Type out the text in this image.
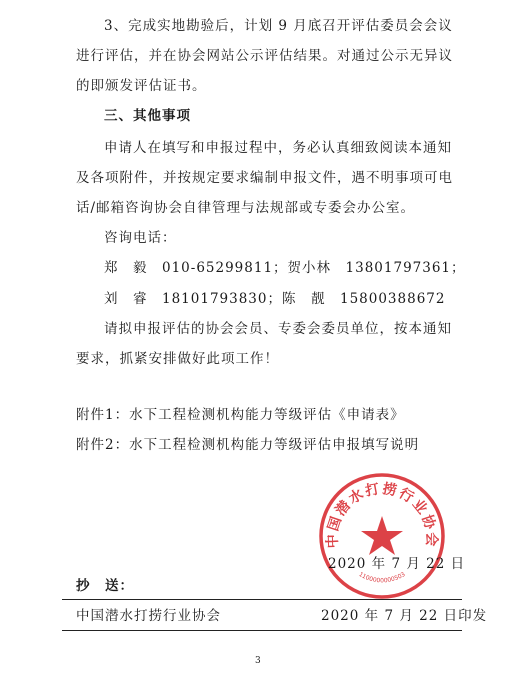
3、完成实地勘验后，计划 9 月底召开评估委员会会议
进行评估，并在协会网站公示评估结果。对通过公示无异议
的即颁发评估证书。
三、其他事项
申请人在填写和申报过程中，务必认真细致阅读本通知
及各项附件，并按规定要求编制申报文件，遇不明事项可电
话/邮箱咨询协会自律管理与法规部或专委会办公室。
咨询电话：
郑　毅　010-65299811；贺小林　13801797361；
刘　睿　18101793830；陈　靓　15800388672
请拟申报评估的协会会员、专委会委员单位，按本通知
要求，抓紧安排做好此项工作！
附件1：水下工程检测机构能力等级评估《申请表》
附件2：水下工程检测机构能力等级评估申报填写说明
中国潜水打捞行业协会
1100000000503
2020 年 7 月 22 日
抄　送：
中国潜水打捞行业协会	2020 年 7 月 22 日印发
3
